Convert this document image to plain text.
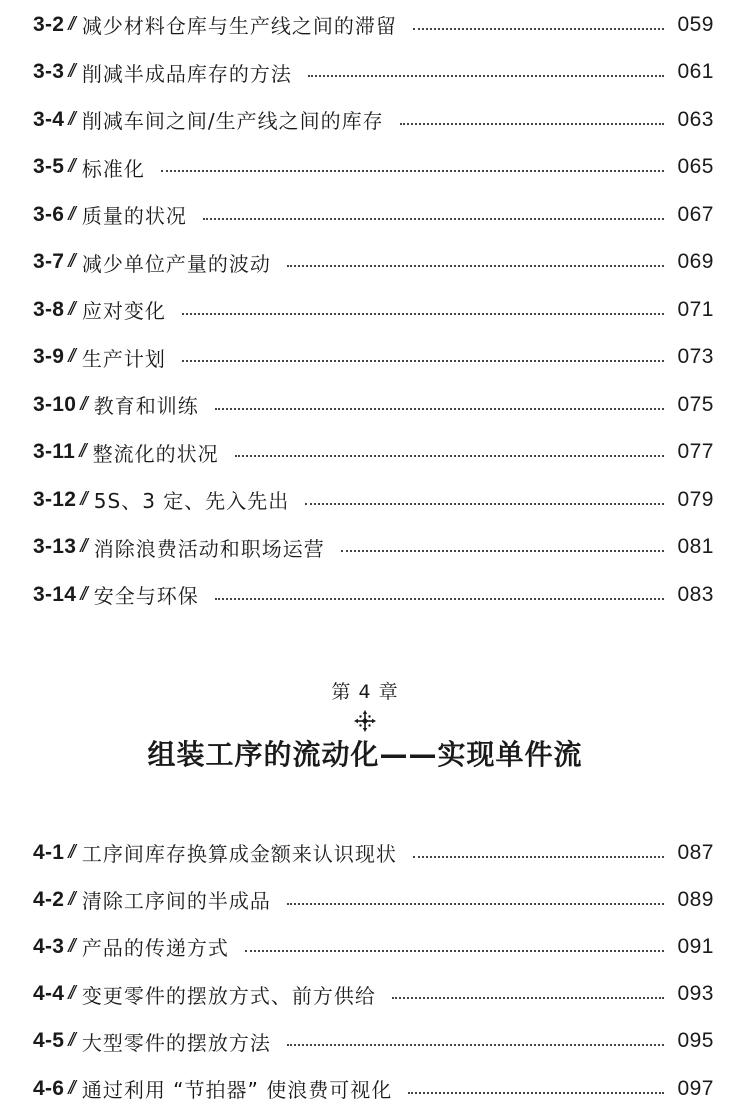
3-2 // 减少材料仓库与生产线之间的滞留	059
3-3 // 削减半成品库存的方法	061
3-4 // 削减车间之间/生产线之间的库存	063
3-5 // 标准化	065
3-6 // 质量的状况	067
3-7 // 减少单位产量的波动	069
3-8 // 应对变化	071
3-9 // 生产计划	073
3-10 // 教育和训练	075
3-11 // 整流化的状况	077
3-12 // 5S、3 定、先入先出	079
3-13 // 消除浪费活动和职场运营	081
3-14 // 安全与环保	083
第 4 章
组装工序的流动化——实现单件流
4-1 // 工序间库存换算成金额来认识现状	087
4-2 // 清除工序间的半成品	089
4-3 // 产品的传递方式	091
4-4 // 变更零件的摆放方式、前方供给	093
4-5 // 大型零件的摆放方法	095
4-6 // 通过利用 “节拍器” 使浪费可视化	097
